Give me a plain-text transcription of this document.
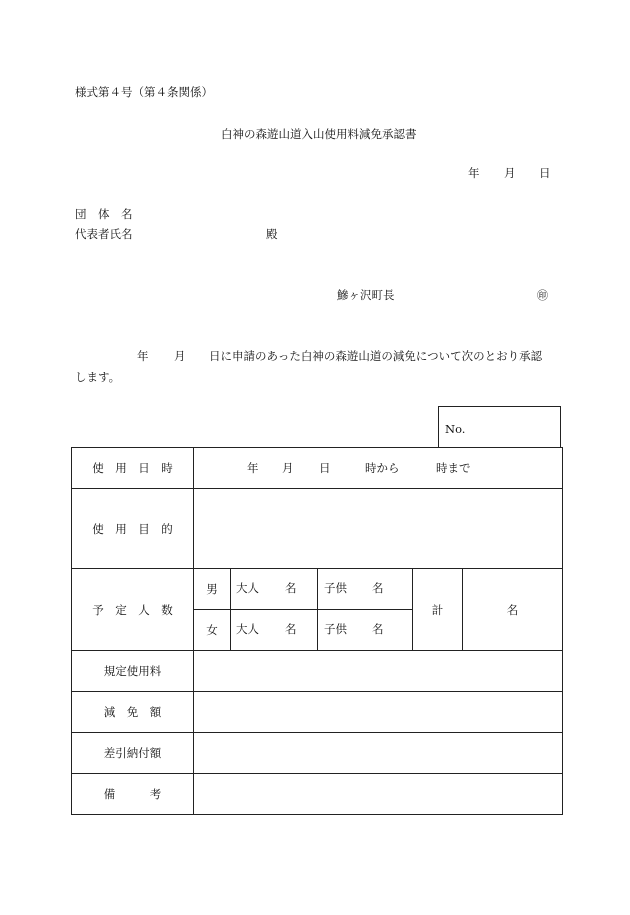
様式第４号（第４条関係）
白神の森遊山道入山使用料減免承認書
年 月 日
団　体　名
代表者氏名	殿
鰺ヶ沢町長	㊞
年 月 日に申請のあった白神の森遊山道の減免について次のとおり承認
します。
No.
使　用　日　時	年 月 日 時から 時まで				

使　用　目　的					
予　定　人　数	男	大人 名	子供 名	計	名
	女	大人 名	子供 名		

規定使用料					
減　免　額					
差引納付額					
備　　　考					
